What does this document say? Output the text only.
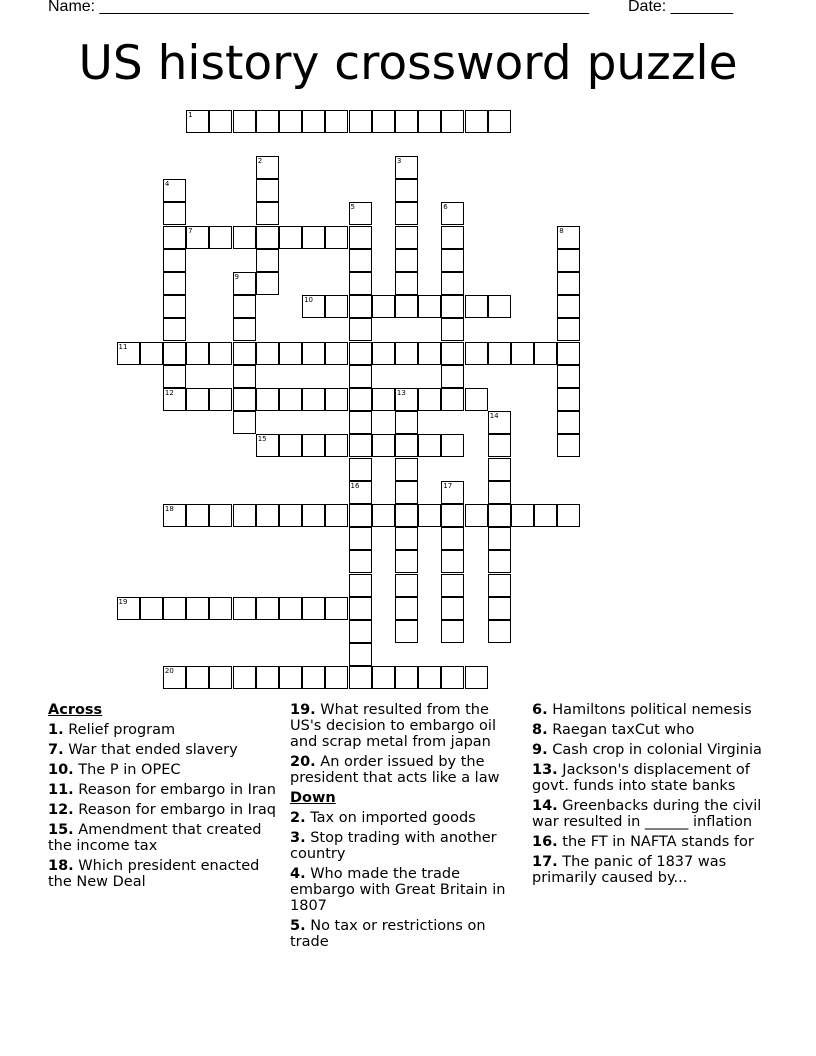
Name: _______________________________________________________ Date: _______
US history crossword puzzle
1
2	3
4
5
16
6
7	8
9
10
11
12	13
14
15
17
18
19
20
Across
1. Relief program
7. War that ended slavery
10. The P in OPEC
11. Reason for embargo in Iran
12. Reason for embargo in Iraq
15. Amendment that created the income tax
18. Which president enacted the New Deal
19. What resulted from the US's decision to embargo oil and scrap metal from japan
20. An order issued by the president that acts like a law
Down
2. Tax on imported goods
3. Stop trading with another country
4. Who made the trade embargo with Great Britain in 1807
5. No tax or restrictions on trade
6. Hamiltons political nemesis
8. Raegan taxCut who
9. Cash crop in colonial Virginia
13. Jackson's displacement of govt. funds into state banks
14. Greenbacks during the civil war resulted in ______ inflation
16. the FT in NAFTA stands for
17. The panic of 1837 was primarily caused by...
